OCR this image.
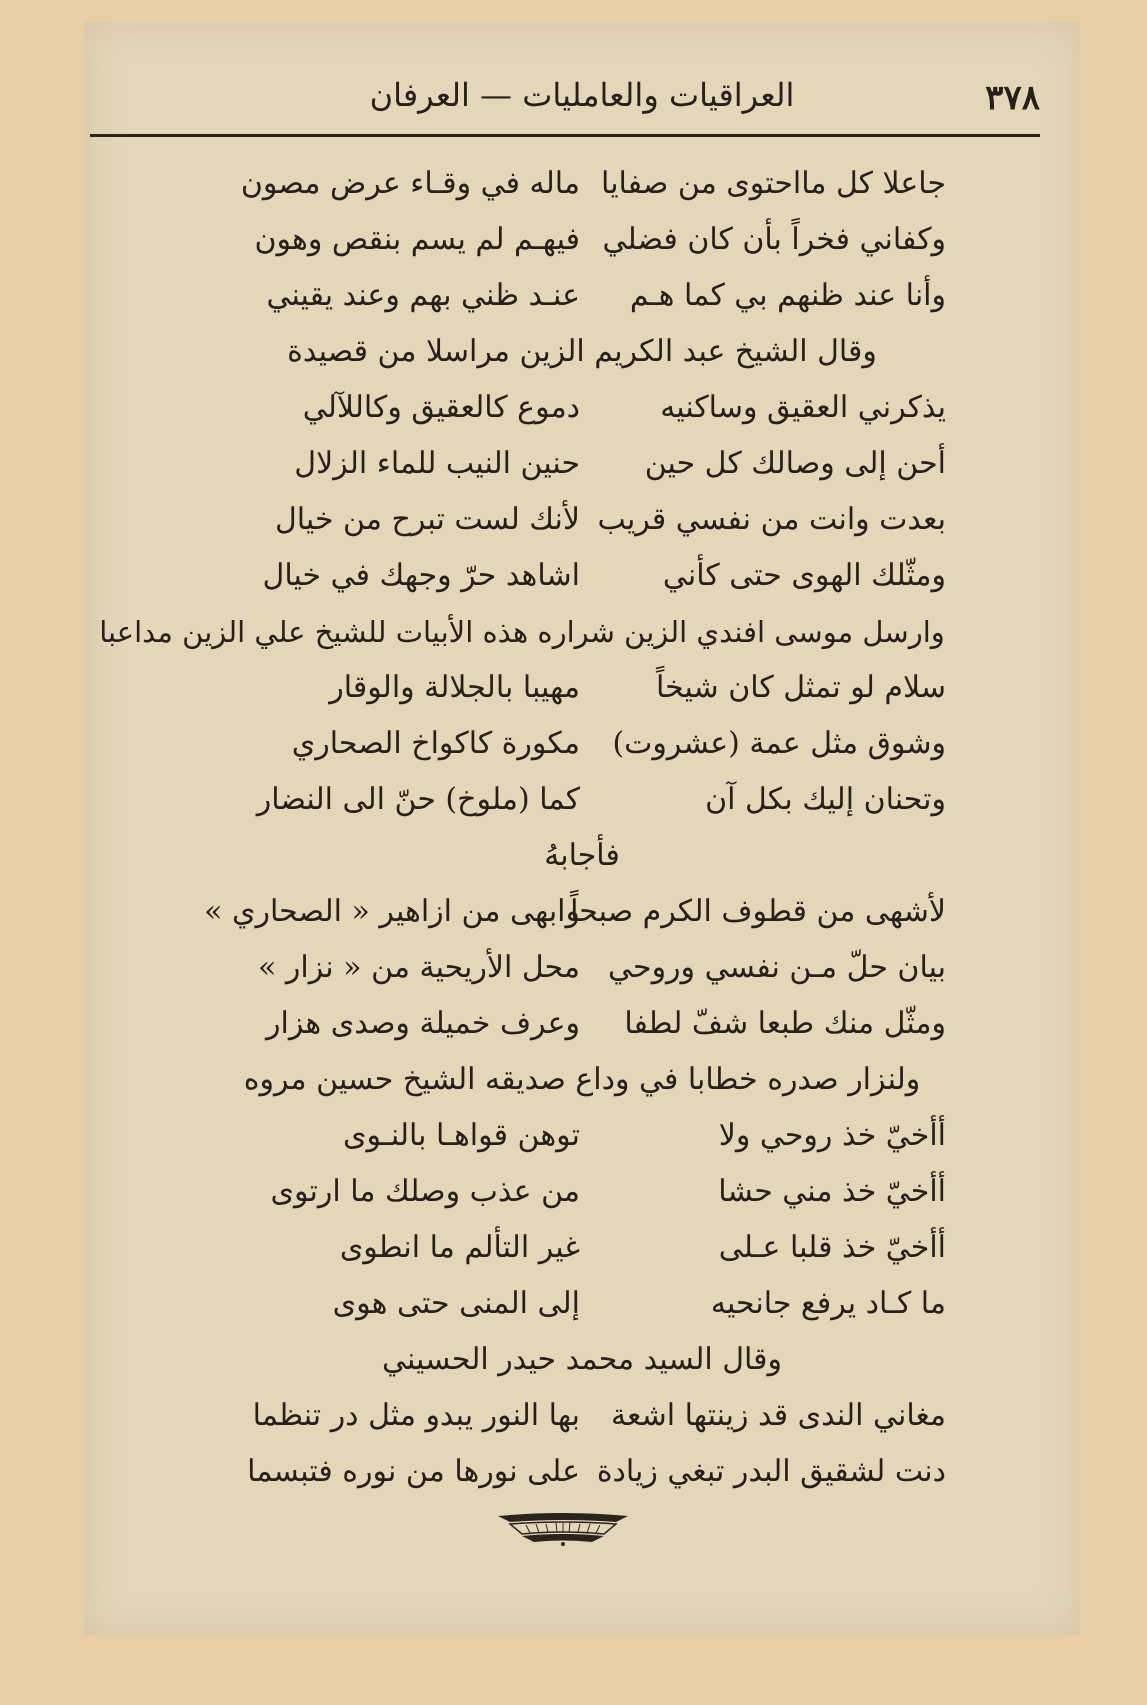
٣٧٨
العراقيات والعامليات — العرفان
جاعلا كل مااحتوى من صفايا
ماله في وقـاء عرض مصون
وكفاني فخراً بأن كان فضلي
فيهـم لم يسم بنقص وهون
وأنا عند ظنهم بي كما هـم
عنـد ظني بهم وعند يقيني
وقال الشيخ عبد الكريم الزين مراسلا من قصيدة
يذكرني العقيق وساكنيه
دموع كالعقيق وكاللآلي
أحن إلى وصالك كل حين
حنين النيب للماء الزلال
بعدت وانت من نفسي قريب
لأنك لست تبرح من خيال
ومثّلك الهوى حتى كأني
اشاهد حرّ وجهك في خيال
وارسل موسى افندي الزين شراره هذه الأبيات للشيخ علي الزين مداعبا
سلام لو تمثل كان شيخاً
مهيبا بالجلالة والوقار
وشوق مثل عمة (عشروت)
مكورة كاكواخ الصحاري
وتحنان إليك بكل آن
كما (ملوخ) حنّ الى النضار
فأجابهُ
لأشهى من قطوف الكرم صبحاً
وابهى من ازاهير « الصحاري »
بيان حلّ مـن نفسي وروحي
محل الأريحية من « نزار »
ومثّل منك طبعا شفّ لطفا
وعرف خميلة وصدى هزار
ولنزار صدره خطابا في وداع صديقه الشيخ حسين مروه
أأخيّ خذ روحي ولا
توهن قواهـا بالنـوى
أأخيّ خذ مني حشا
من عذب وصلك ما ارتوى
أأخيّ خذ قلبا عـلى
غير التألم ما انطوى
ما كـاد يرفع جانحيه
إلى المنى حتى هوى
وقال السيد محمد حيدر الحسيني
مغاني الندى قد زينتها اشعة
بها النور يبدو مثل در تنظما
دنت لشقيق البدر تبغي زيادة
على نورها من نوره فتبسما
